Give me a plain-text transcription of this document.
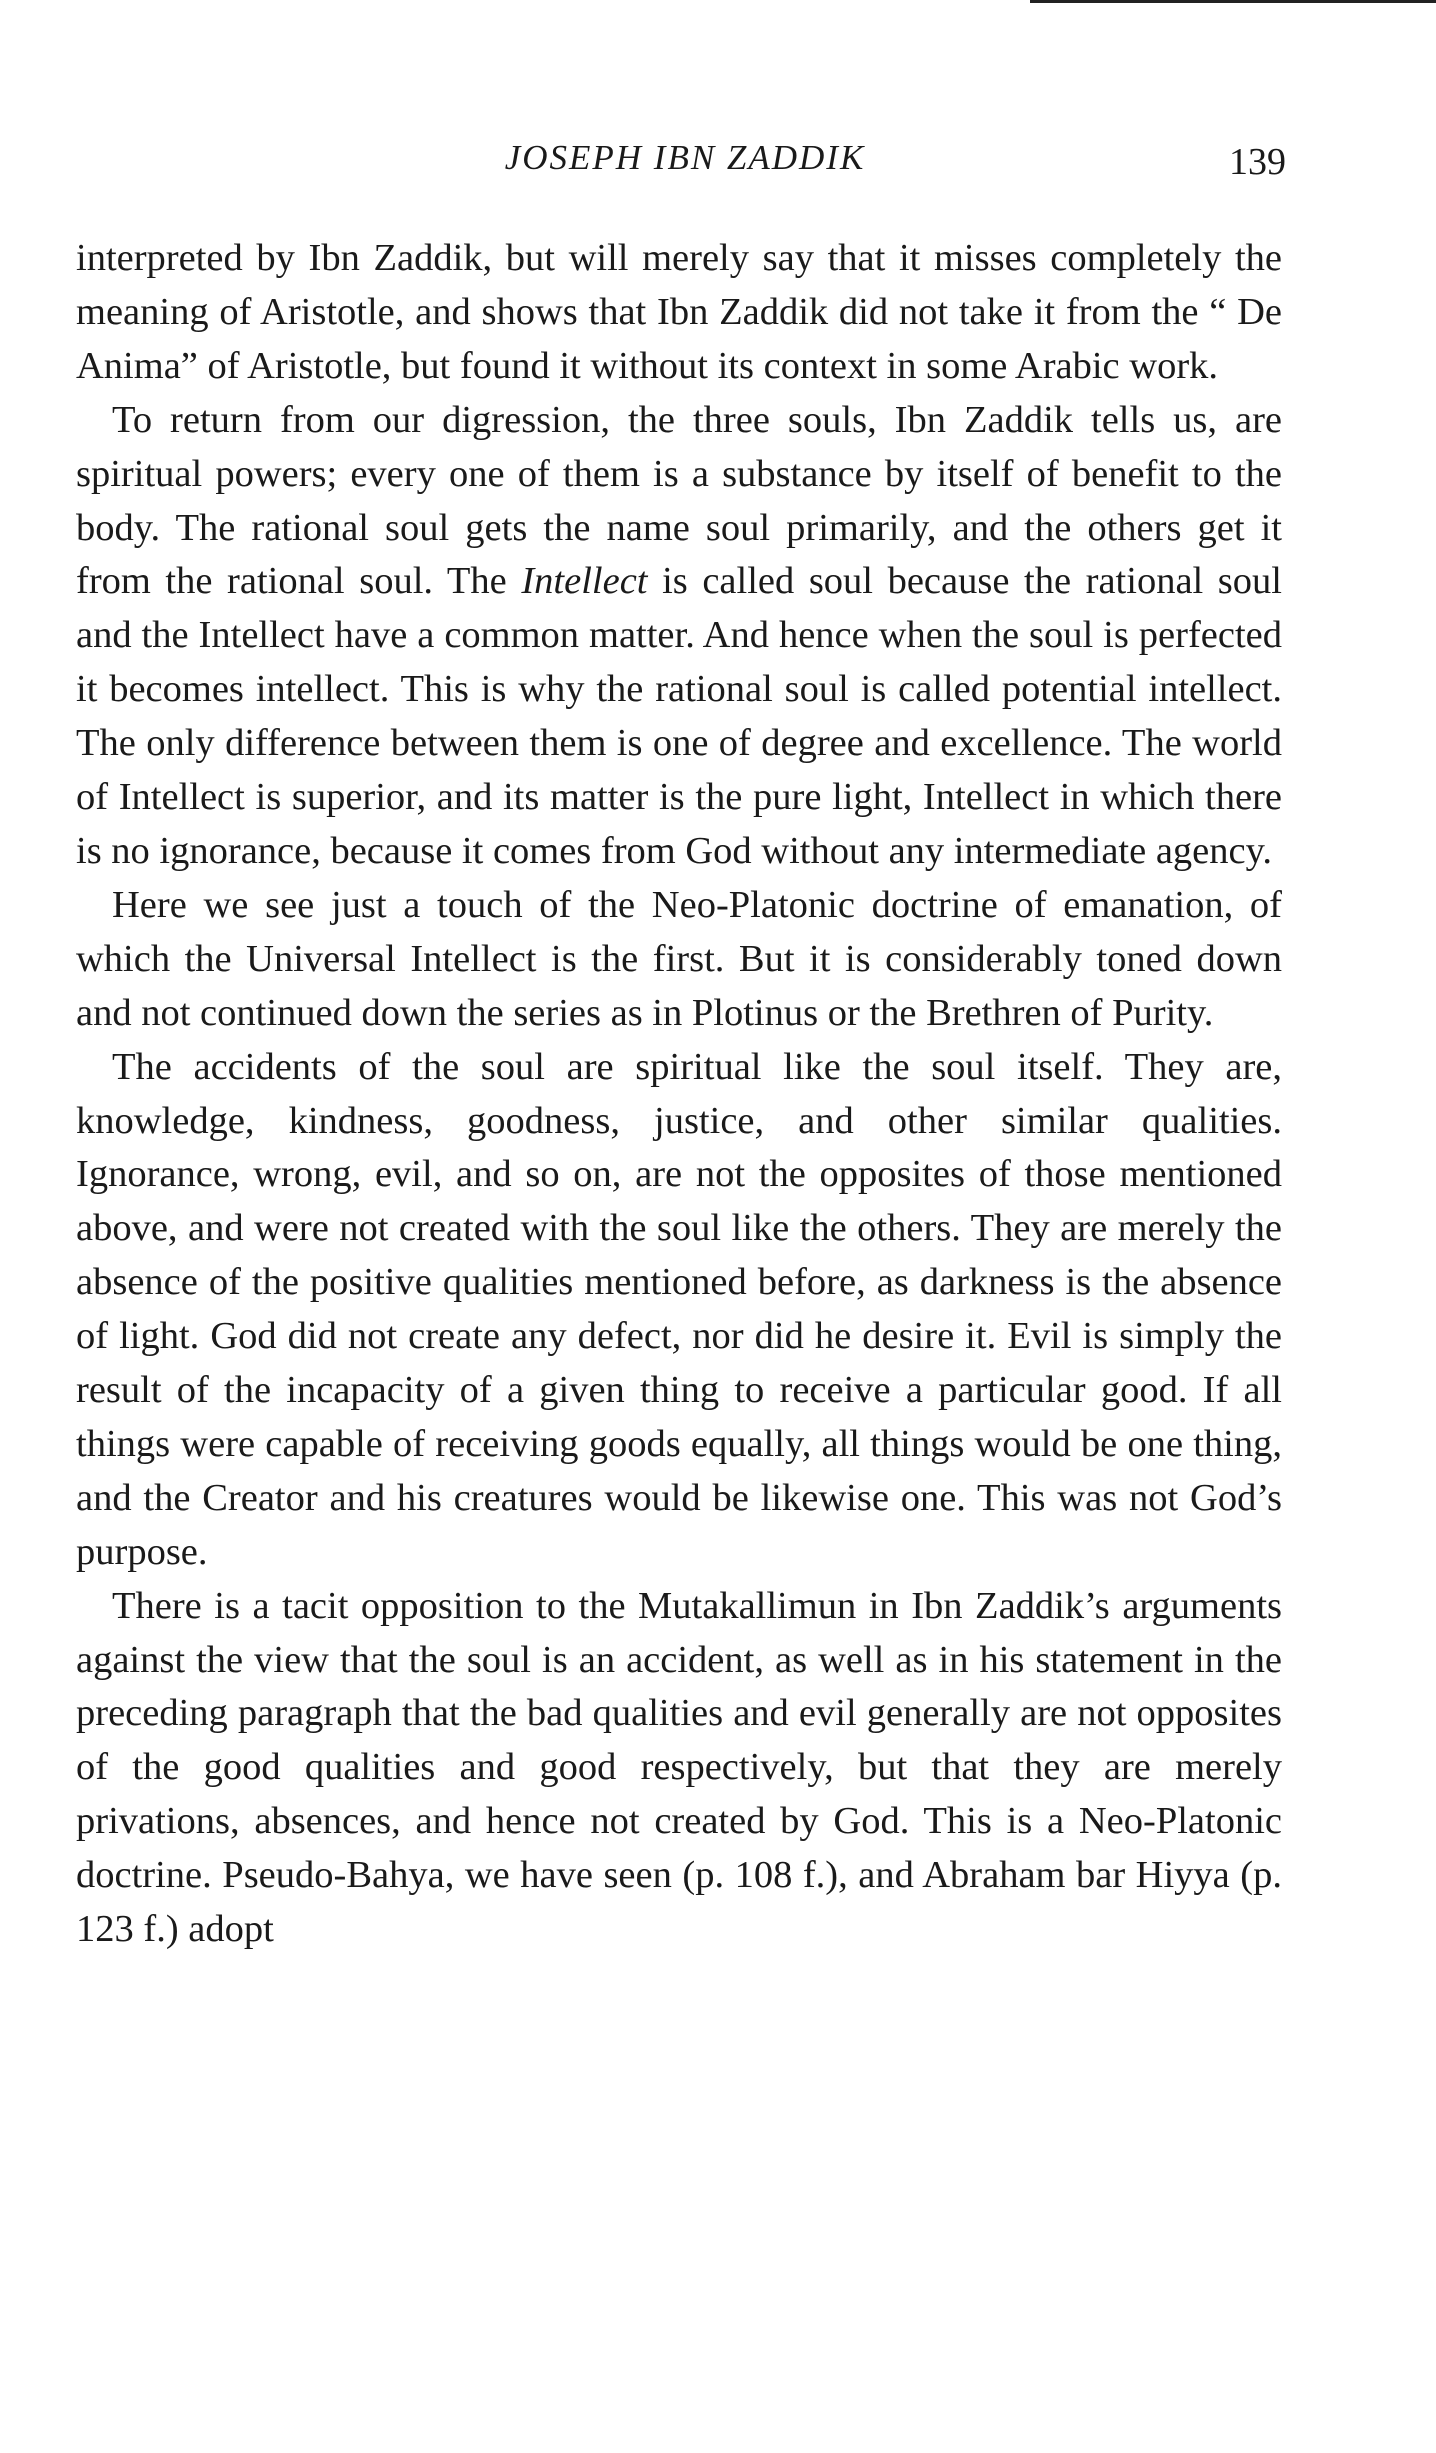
JOSEPH IBN ZADDIK	139

interpreted by Ibn Zaddik, but will merely say that it misses completely the meaning of Aristotle, and shows that Ibn Zaddik did not take it from the “ De Anima” of Aristotle, but found it without its context in some Arabic work.

To return from our digression, the three souls, Ibn Zaddik tells us, are spiritual powers; every one of them is a substance by itself of benefit to the body. The rational soul gets the name soul primarily, and the others get it from the rational soul. The Intellect is called soul because the rational soul and the Intellect have a common matter. And hence when the soul is perfected it becomes intellect. This is why the rational soul is called potential intellect. The only difference between them is one of degree and excellence. The world of Intellect is superior, and its matter is the pure light, Intellect in which there is no ignorance, because it comes from God without any intermediate agency.

Here we see just a touch of the Neo-Platonic doctrine of emanation, of which the Universal Intellect is the first. But it is considerably toned down and not continued down the series as in Plotinus or the Brethren of Purity.

The accidents of the soul are spiritual like the soul itself. They are, knowledge, kindness, goodness, justice, and other similar qualities. Ignorance, wrong, evil, and so on, are not the opposites of those mentioned above, and were not created with the soul like the others. They are merely the absence of the positive qualities mentioned before, as darkness is the absence of light. God did not create any defect, nor did he desire it. Evil is simply the result of the incapacity of a given thing to receive a particular good. If all things were capable of receiving goods equally, all things would be one thing, and the Creator and his creatures would be likewise one. This was not God’s purpose.

There is a tacit opposition to the Mutakallimun in Ibn Zaddik’s arguments against the view that the soul is an accident, as well as in his statement in the preceding paragraph that the bad qualities and evil generally are not opposites of the good qualities and good respectively, but that they are merely privations, absences, and hence not created by God. This is a Neo-Platonic doctrine. Pseudo-Bahya, we have seen (p. 108 f.), and Abraham bar Hiyya (p. 123 f.) adopt
